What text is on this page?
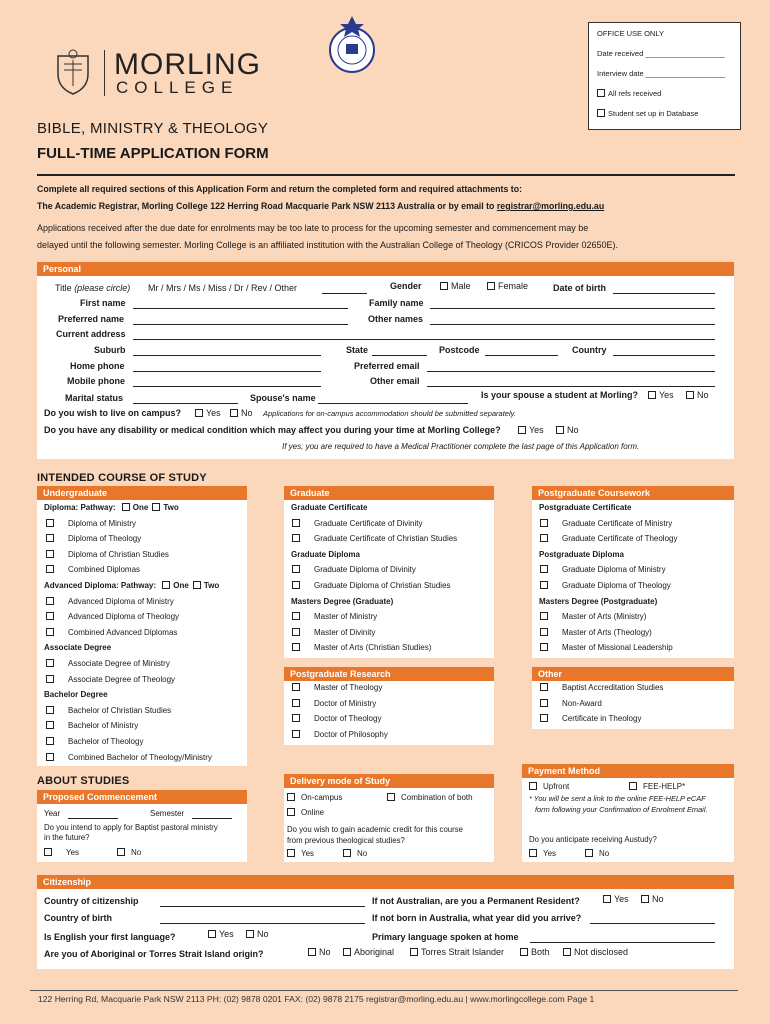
MORLING
COLLEGE
BIBLE, MINISTRY & THEOLOGY
FULL-TIME APPLICATION FORM
OFFICE USE ONLY
Date received ___________________
Interview date ___________________
All refs received
Student set up in Database
Complete all required sections of this Application Form and return the completed form and required attachments to:
The Academic Registrar, Morling College 122 Herring Road Macquarie Park NSW 2113 Australia or by email to registrar@morling.edu.au
Applications received after the due date for enrolments may be too late to process for the upcoming semester and commencement may be
delayed until the following semester. Morling College is an affiliated institution with the Australian College of Theology (CRICOS Provider 02650E).
Personal
Title (please circle) Mr / Mrs / Ms / Miss / Dr / Rev / Other	Gender	Male	Female	Date of birth
First name	Family name
Preferred name	Other names
Current address
Suburb	State	Postcode	Country
Home phone	Preferred email
Mobile phone	Other email
Marital status	Spouse's name	Is your spouse a student at Morling?	Yes	No
Do you wish to live on campus?	Yes	No Applications for on-campus accommodation should be submitted separately.
Do you have any disability or medical condition which may affect you during your time at Morling College?	Yes	No
If yes, you are required to have a Medical Practitioner complete the last page of this Application form.
INTENDED COURSE OF STUDY
Undergraduate	Graduate	Postgraduate Coursework
Diploma: Pathway: One Two
Diploma of Ministry
Diploma of Theology
Diploma of Christian Studies
Combined Diplomas
Advanced Diploma: Pathway: One Two
Advanced Diploma of Ministry
Advanced Diploma of Theology
Combined Advanced Diplomas
Associate Degree
Associate Degree of Ministry
Associate Degree of Theology
Bachelor Degree
Bachelor of Christian Studies
Bachelor of Ministry
Bachelor of Theology
Combined Bachelor of Theology/Ministry
Graduate Certificate
Graduate Certificate of Divinity
Graduate Certificate of Christian Studies
Graduate Diploma
Graduate Diploma of Divinity
Graduate Diploma of Christian Studies
Masters Degree (Graduate)
Master of Ministry
Master of Divinity
Master of Arts (Christian Studies)
Postgraduate Certificate
Graduate Certificate of Ministry
Graduate Certificate of Theology
Postgraduate Diploma
Graduate Diploma of Ministry
Graduate Diploma of Theology
Masters Degree (Postgraduate)
Master of Arts (Ministry)
Master of Arts (Theology)
Master of Missional Leadership
Postgraduate Research
Master of Theology
Doctor of Ministry
Doctor of Theology
Doctor of Philosophy
Other
Baptist Accreditation Studies
Non-Award
Certificate in Theology
ABOUT STUDIES
Proposed Commencement
Year	Semester
Do you intend to apply for Baptist pastoral ministry
in the future?
Yes	No
Delivery mode of Study
On-campus	Combination of both
Online
Do you wish to gain academic credit for this course
from previous theological studies?
Yes	No
Payment Method
Upfront	FEE-HELP*
* You will be sent a link to the online FEE-HELP eCAF
form following your Confirmation of Enrolment Email.
Do you anticipate receiving Austudy?
Yes	No
Citizenship
Country of citizenship	If not Australian, are you a Permanent Resident?	Yes	No
Country of birth	If not born in Australia, what year did you arrive?
Is English your first language?	Yes	No	Primary language spoken at home
Are you of Aboriginal or Torres Strait Island origin?	No	Aboriginal	Torres Strait Islander	Both	Not disclosed
122 Herring Rd, Macquarie Park NSW 2113 PH: (02) 9878 0201 FAX: (02) 9878 2175 registrar@morling.edu.au | www.morlingcollege.com Page 1
